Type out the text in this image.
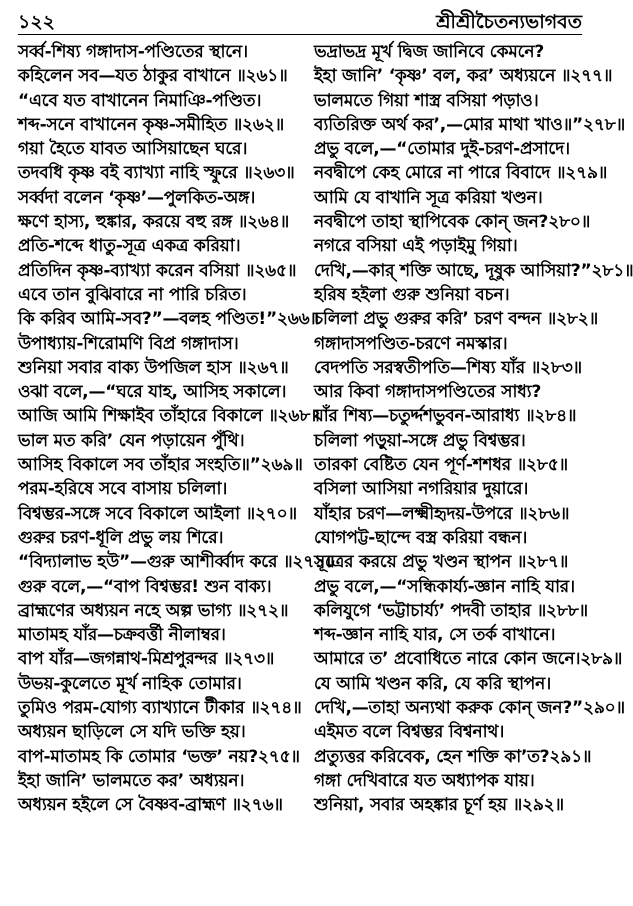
১২২	শ্রীশ্রীচৈতন্যভাগবত
সর্ব্ব-শিষ্য গঙ্গাদাস-পণ্ডিতের স্থানে।
কহিলেন সব—যত ঠাকুর বাখানে ॥২৬১॥
“এবে যত বাখানেন নিমাঞি-পণ্ডিত।
শব্দ-সনে বাখানেন কৃষ্ণ-সমীহিত ॥২৬২॥
গয়া হৈতে যাবত আসিয়াছেন ঘরে।
তদবধি কৃষ্ণ বই ব্যাখ্যা নাহি স্ফুরে ॥২৬৩॥
সর্ব্বদা বলেন ‘কৃষ্ণ’—পুলকিত-অঙ্গ।
ক্ষণে হাস্য, হুঙ্কার, করয়ে বহু রঙ্গ ॥২৬৪॥
প্রতি-শব্দে ধাতু-সূত্র একত্র করিয়া।
প্রতিদিন কৃষ্ণ-ব্যাখ্যা করেন বসিয়া ॥২৬৫॥
এবে তান বুঝিবারে না পারি চরিত।
কি করিব আমি-সব?”—বলহ পণ্ডিত!”২৬৬॥
উপাধ্যায়-শিরোমণি বিপ্র গঙ্গাদাস।
শুনিয়া সবার বাক্য উপজিল হাস ॥২৬৭॥
ওঝা বলে,—“ঘরে যাহ, আসিহ সকালে।
আজি আমি শিক্ষাইব তাঁহারে বিকালে ॥২৬৮॥
ভাল মত করি’ যেন পড়ায়েন পুঁথি।
আসিহ বিকালে সব তাঁহার সংহতি॥”২৬৯॥
পরম-হরিষে সবে বাসায় চলিলা।
বিশ্বম্ভর-সঙ্গে সবে বিকালে আইলা ॥২৭০॥
গুরুর চরণ-ধূলি প্রভু লয় শিরে।
“বিদ্যালাভ হউ”—গুরু আশীর্ব্বাদ করে ॥২৭১॥
গুরু বলে,—“বাপ বিশ্বম্ভর! শুন বাক্য।
ব্রাহ্মণের অধ্যয়ন নহে অল্প ভাগ্য ॥২৭২॥
মাতামহ যাঁর—চক্রবর্ত্তী নীলাম্বর।
বাপ যাঁর—জগন্নাথ-মিশ্রপুরন্দর ॥২৭৩॥
উভয়-কুলেতে মূর্খ নাহিক তোমার।
তুমিও পরম-যোগ্য ব্যাখ্যানে টীকার ॥২৭৪॥
অধ্যয়ন ছাড়িলে সে যদি ভক্তি হয়।
বাপ-মাতামহ কি তোমার ‘ভক্ত’ নয়?২৭৫॥
ইহা জানি’ ভালমতে কর’ অধ্যয়ন।
অধ্যয়ন হইলে সে বৈষ্ণব-ব্রাহ্মণ ॥২৭৬॥
ভদ্রাভদ্র মূর্খ দ্বিজ জানিবে কেমনে?
ইহা জানি’ ‘কৃষ্ণ’ বল, কর’ অধ্যয়নে ॥২৭৭॥
ভালমতে গিয়া শাস্ত্র বসিয়া পড়াও।
ব্যতিরিক্ত অর্থ কর’,—মোর মাথা খাও॥”২৭৮॥
প্রভু বলে,—“তোমার দুই-চরণ-প্রসাদে।
নবদ্বীপে কেহ মোরে না পারে বিবাদে ॥২৭৯॥
আমি যে বাখানি সূত্র করিয়া খণ্ডন।
নবদ্বীপে তাহা স্থাপিবেক কোন্ জন?২৮০॥
নগরে বসিয়া এই পড়াইমু গিয়া।
দেখি,—কার্ শক্তি আছে, দূষুক আসিয়া?”২৮১॥
হরিষ হইলা গুরু শুনিয়া বচন।
চলিলা প্রভু গুরুর করি’ চরণ বন্দন ॥২৮২॥
গঙ্গাদাসপণ্ডিত-চরণে নমস্কার।
বেদপতি সরস্বতীপতি—শিষ্য যাঁর ॥২৮৩॥
আর কিবা গঙ্গাদাসপণ্ডিতের সাধ্য?
যাঁর শিষ্য—চতুর্দ্দশভুবন-আরাধ্য ॥২৮৪॥
চলিলা পড়ুয়া-সঙ্গে প্রভু বিশ্বম্ভর।
তারকা বেষ্টিত যেন পূর্ণ-শশধর ॥২৮৫॥
বসিলা আসিয়া নগরিয়ার দুয়ারে।
যাঁহার চরণ—লক্ষ্মীহৃদয়-উপরে ॥২৮৬॥
যোগপট্ট-ছান্দে বস্ত্র করিয়া বন্ধন।
সূত্রের করয়ে প্রভু খণ্ডন স্থাপন ॥২৮৭॥
প্রভু বলে,—“সন্ধিকার্য্য-জ্ঞান নাহি যার।
কলিযুগে ‘ভট্টাচার্য্য’ পদবী তাহার ॥২৮৮॥
শব্দ-জ্ঞান নাহি যার, সে তর্ক বাখানে।
আমারে ত’ প্রবোধিতে নারে কোন জনে।২৮৯॥
যে আমি খণ্ডন করি, যে করি স্থাপন।
দেখি,—তাহা অন্যথা করুক কোন্ জন?”২৯০॥
এইমত বলে বিশ্বম্ভর বিশ্বনাথ।
প্রত্যুত্তর করিবেক, হেন শক্তি কা’ত?২৯১॥
গঙ্গা দেখিবারে যত অধ্যাপক যায়।
শুনিয়া, সবার অহঙ্কার চূর্ণ হয় ॥২৯২॥
